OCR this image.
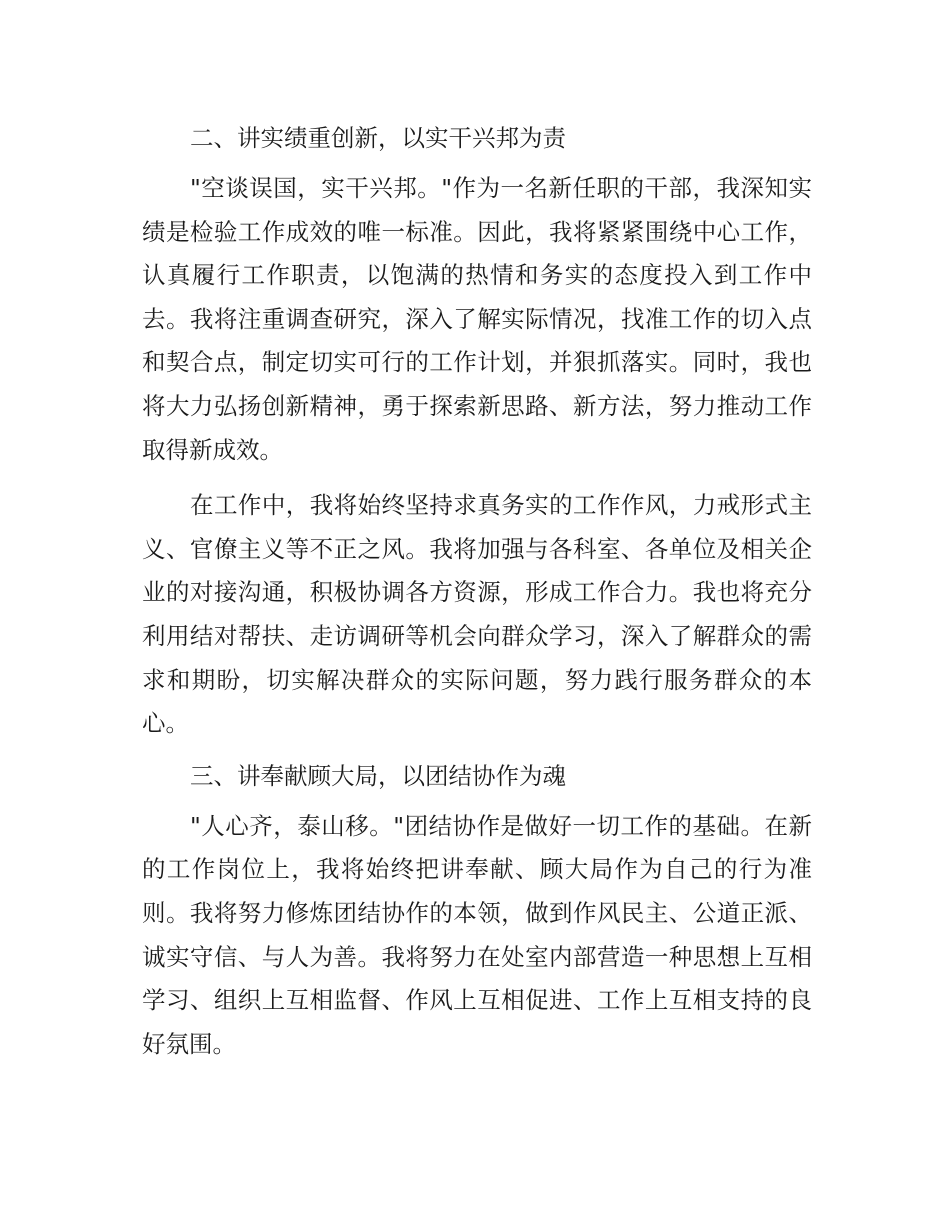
二、讲实绩重创新，以实干兴邦为责

"空谈误国，实干兴邦。"作为一名新任职的干部，我深知实绩是检验工作成效的唯一标准。因此，我将紧紧围绕中心工作，认真履行工作职责，以饱满的热情和务实的态度投入到工作中去。我将注重调查研究，深入了解实际情况，找准工作的切入点和契合点，制定切实可行的工作计划，并狠抓落实。同时，我也将大力弘扬创新精神，勇于探索新思路、新方法，努力推动工作取得新成效。

在工作中，我将始终坚持求真务实的工作作风，力戒形式主义、官僚主义等不正之风。我将加强与各科室、各单位及相关企业的对接沟通，积极协调各方资源，形成工作合力。我也将充分利用结对帮扶、走访调研等机会向群众学习，深入了解群众的需求和期盼，切实解决群众的实际问题，努力践行服务群众的本心。

三、讲奉献顾大局，以团结协作为魂

"人心齐，泰山移。"团结协作是做好一切工作的基础。在新的工作岗位上，我将始终把讲奉献、顾大局作为自己的行为准则。我将努力修炼团结协作的本领，做到作风民主、公道正派、诚实守信、与人为善。我将努力在处室内部营造一种思想上互相学习、组织上互相监督、作风上互相促进、工作上互相支持的良好氛围。
